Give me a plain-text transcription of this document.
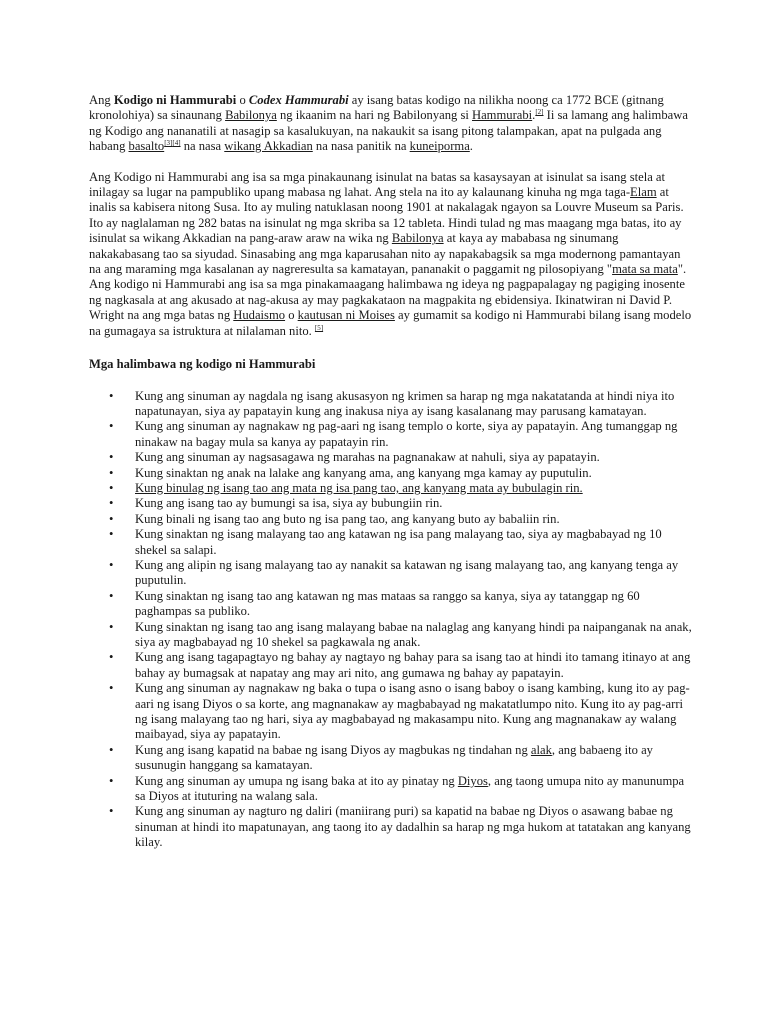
Ang Kodigo ni Hammurabi o Codex Hammurabi ay isang batas kodigo na nilikha noong ca 1772 BCE (gitnang kronolohiya) sa sinaunang Babilonya ng ikaanim na hari ng Babilonyang si Hammurabi.[2] Ii sa lamang ang halimbawa ng Kodigo ang nananatili at nasagip sa kasalukuyan, na nakaukit sa isang pitong talampakan, apat na pulgada ang habang basalto[3][4] na nasa wikang Akkadian na nasa panitik na kuneiporma.

Ang Kodigo ni Hammurabi ang isa sa mga pinakaunang isinulat na batas sa kasaysayan at isinulat sa isang stela at inilagay sa lugar na pampubliko upang mabasa ng lahat. Ang stela na ito ay kalaunang kinuha ng mga taga-Elam at inalis sa kabisera nitong Susa. Ito ay muling natuklasan noong 1901 at nakalagak ngayon sa Louvre Museum sa Paris. Ito ay naglalaman ng 282 batas na isinulat ng mga skriba sa 12 tableta. Hindi tulad ng mas maagang mga batas, ito ay isinulat sa wikang Akkadian na pang-araw araw na wika ng Babilonya at kaya ay mababasa ng sinumang nakakabasang tao sa siyudad. Sinasabing ang mga kaparusahan nito ay napakabagsik sa mga modernong pamantayan na ang maraming mga kasalanan ay nagreresulta sa kamatayan, pananakit o paggamit ng pilosopiyang "mata sa mata". Ang kodigo ni Hammurabi ang isa sa mga pinakamaagang halimbawa ng ideya ng pagpapalagay ng pagiging inosente ng nagkasala at ang akusado at nag-akusa ay may pagkakataon na magpakita ng ebidensiya. Ikinatwiran ni David P. Wright na ang mga batas ng Hudaismo o kautusan ni Moises ay gumamit sa kodigo ni Hammurabi bilang isang modelo na gumagaya sa istruktura at nilalaman nito. [5]

Mga halimbawa ng kodigo ni Hammurabi

• Kung ang sinuman ay nagdala ng isang akusasyon ng krimen sa harap ng mga nakatatanda at hindi niya ito napatunayan, siya ay papatayin kung ang inakusa niya ay isang kasalanang may parusang kamatayan.
• Kung ang sinuman ay nagnakaw ng pag-aari ng isang templo o korte, siya ay papatayin. Ang tumanggap ng ninakaw na bagay mula sa kanya ay papatayin rin.
• Kung ang sinuman ay nagsasagawa ng marahas na pagnanakaw at nahuli, siya ay papatayin.
• Kung sinaktan ng anak na lalake ang kanyang ama, ang kanyang mga kamay ay puputulin.
• Kung binulag ng isang tao ang mata ng isa pang tao, ang kanyang mata ay bubulagin rin.
• Kung ang isang tao ay bumungi sa isa, siya ay bubungiin rin.
• Kung binali ng isang tao ang buto ng isa pang tao, ang kanyang buto ay babaliin rin.
• Kung sinaktan ng isang malayang tao ang katawan ng isa pang malayang tao, siya ay magbabayad ng 10 shekel sa salapi.
• Kung ang alipin ng isang malayang tao ay nanakit sa katawan ng isang malayang tao, ang kanyang tenga ay puputulin.
• Kung sinaktan ng isang tao ang katawan ng mas mataas sa ranggo sa kanya, siya ay tatanggap ng 60 paghampas sa publiko.
• Kung sinaktan ng isang tao ang isang malayang babae na nalaglag ang kanyang hindi pa naipanganak na anak, siya ay magbabayad ng 10 shekel sa pagkawala ng anak.
• Kung ang isang tagapagtayo ng bahay ay nagtayo ng bahay para sa isang tao at hindi ito tamang itinayo at ang bahay ay bumagsak at napatay ang may ari nito, ang gumawa ng bahay ay papatayin.
• Kung ang sinuman ay nagnakaw ng baka o tupa o isang asno o isang baboy o isang kambing, kung ito ay pag-aari ng isang Diyos o sa korte, ang magnanakaw ay magbabayad ng makatatlumpo nito. Kung ito ay pag-arri ng isang malayang tao ng hari, siya ay magbabayad ng makasampu nito. Kung ang magnanakaw ay walang maibayad, siya ay papatayin.
• Kung ang isang kapatid na babae ng isang Diyos ay magbukas ng tindahan ng alak, ang babaeng ito ay susunugin hanggang sa kamatayan.
• Kung ang sinuman ay umupa ng isang baka at ito ay pinatay ng Diyos, ang taong umupa nito ay manunumpa sa Diyos at ituturing na walang sala.
• Kung ang sinuman ay nagturo ng daliri (maniirang puri) sa kapatid na babae ng Diyos o asawang babae ng sinuman at hindi ito mapatunayan, ang taong ito ay dadalhin sa harap ng mga hukom at tatatakan ang kanyang kilay.
